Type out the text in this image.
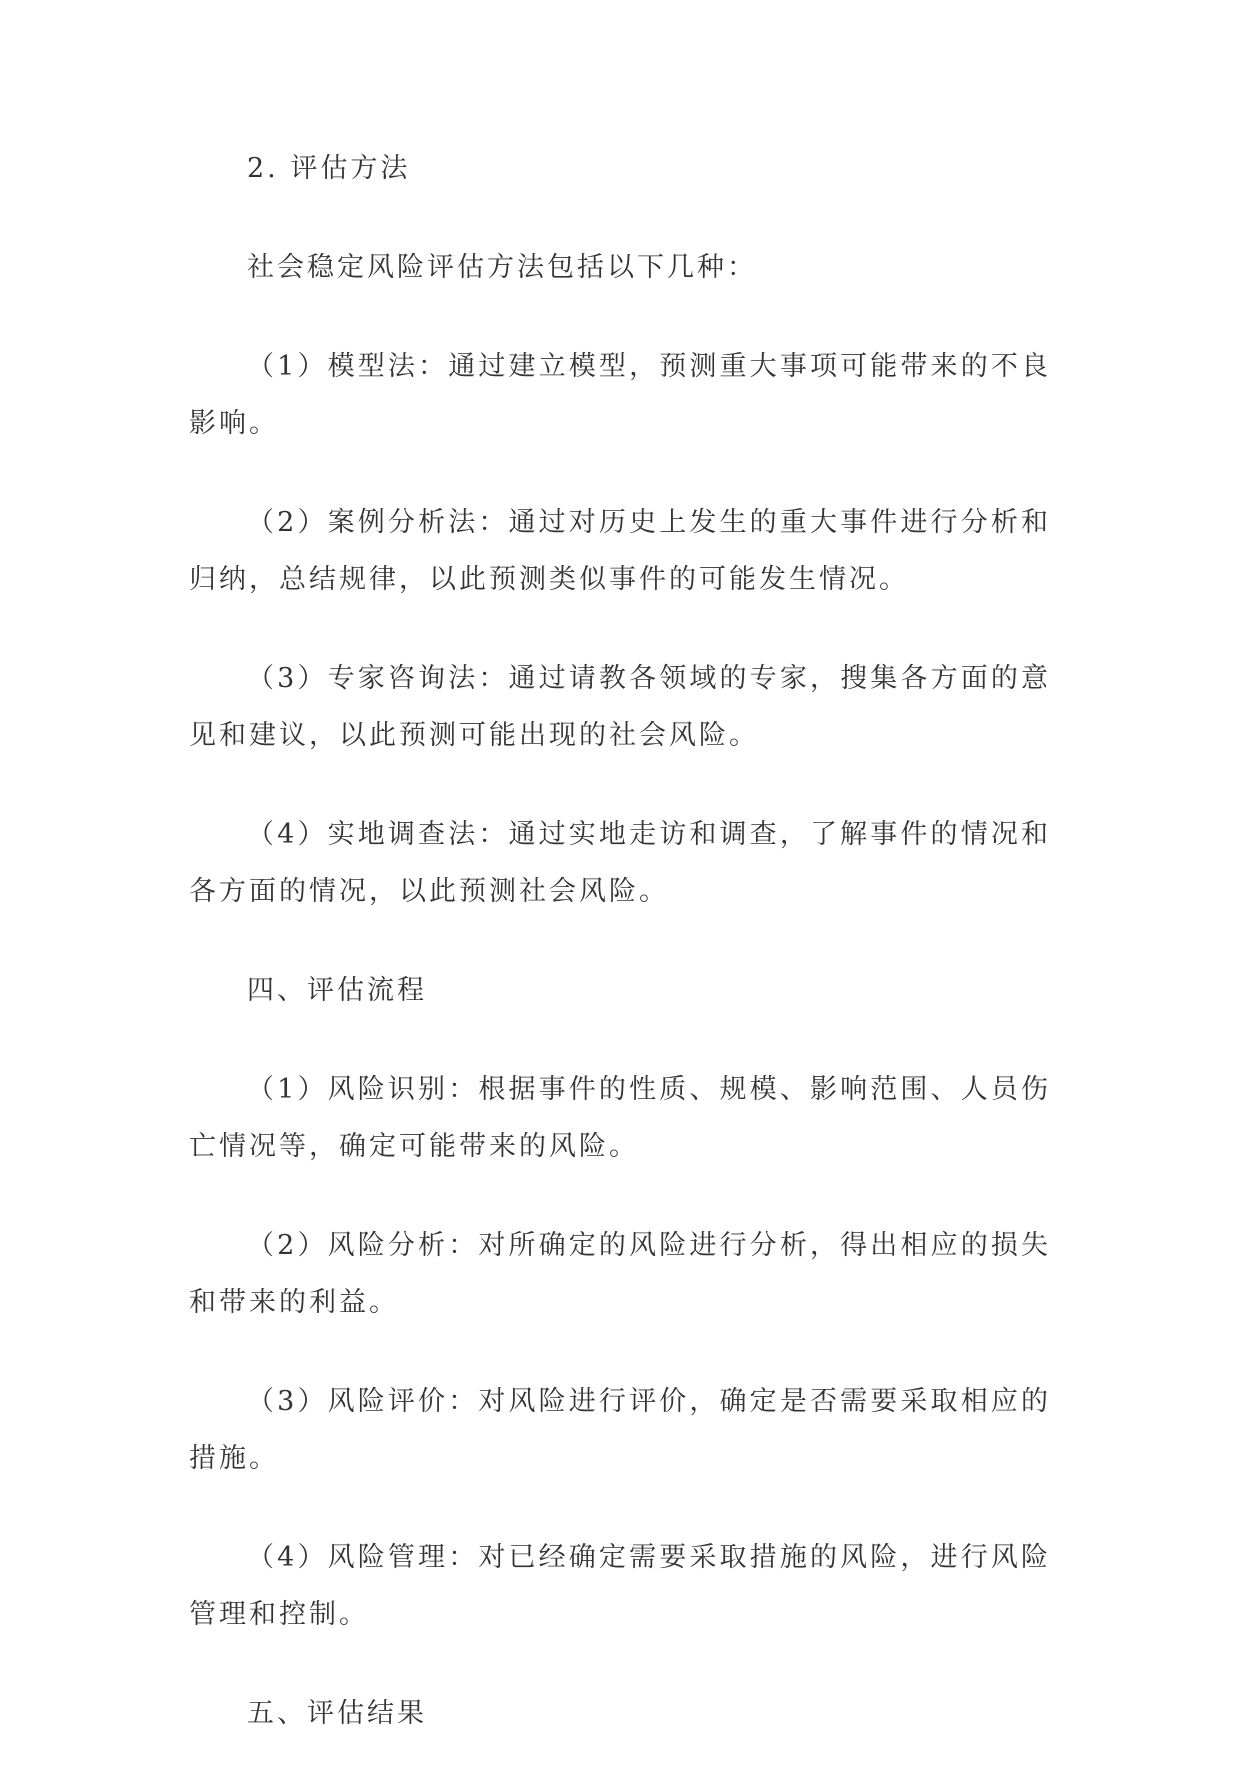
2. 评估方法

社会稳定风险评估方法包括以下几种：

（1）模型法：通过建立模型，预测重大事项可能带来的不良影响。

（2）案例分析法：通过对历史上发生的重大事件进行分析和归纳，总结规律，以此预测类似事件的可能发生情况。

（3）专家咨询法：通过请教各领域的专家，搜集各方面的意见和建议，以此预测可能出现的社会风险。

（4）实地调查法：通过实地走访和调查，了解事件的情况和各方面的情况，以此预测社会风险。

四、评估流程

（1）风险识别：根据事件的性质、规模、影响范围、人员伤亡情况等，确定可能带来的风险。

（2）风险分析：对所确定的风险进行分析，得出相应的损失和带来的利益。

（3）风险评价：对风险进行评价，确定是否需要采取相应的措施。

（4）风险管理：对已经确定需要采取措施的风险，进行风险管理和控制。

五、评估结果
